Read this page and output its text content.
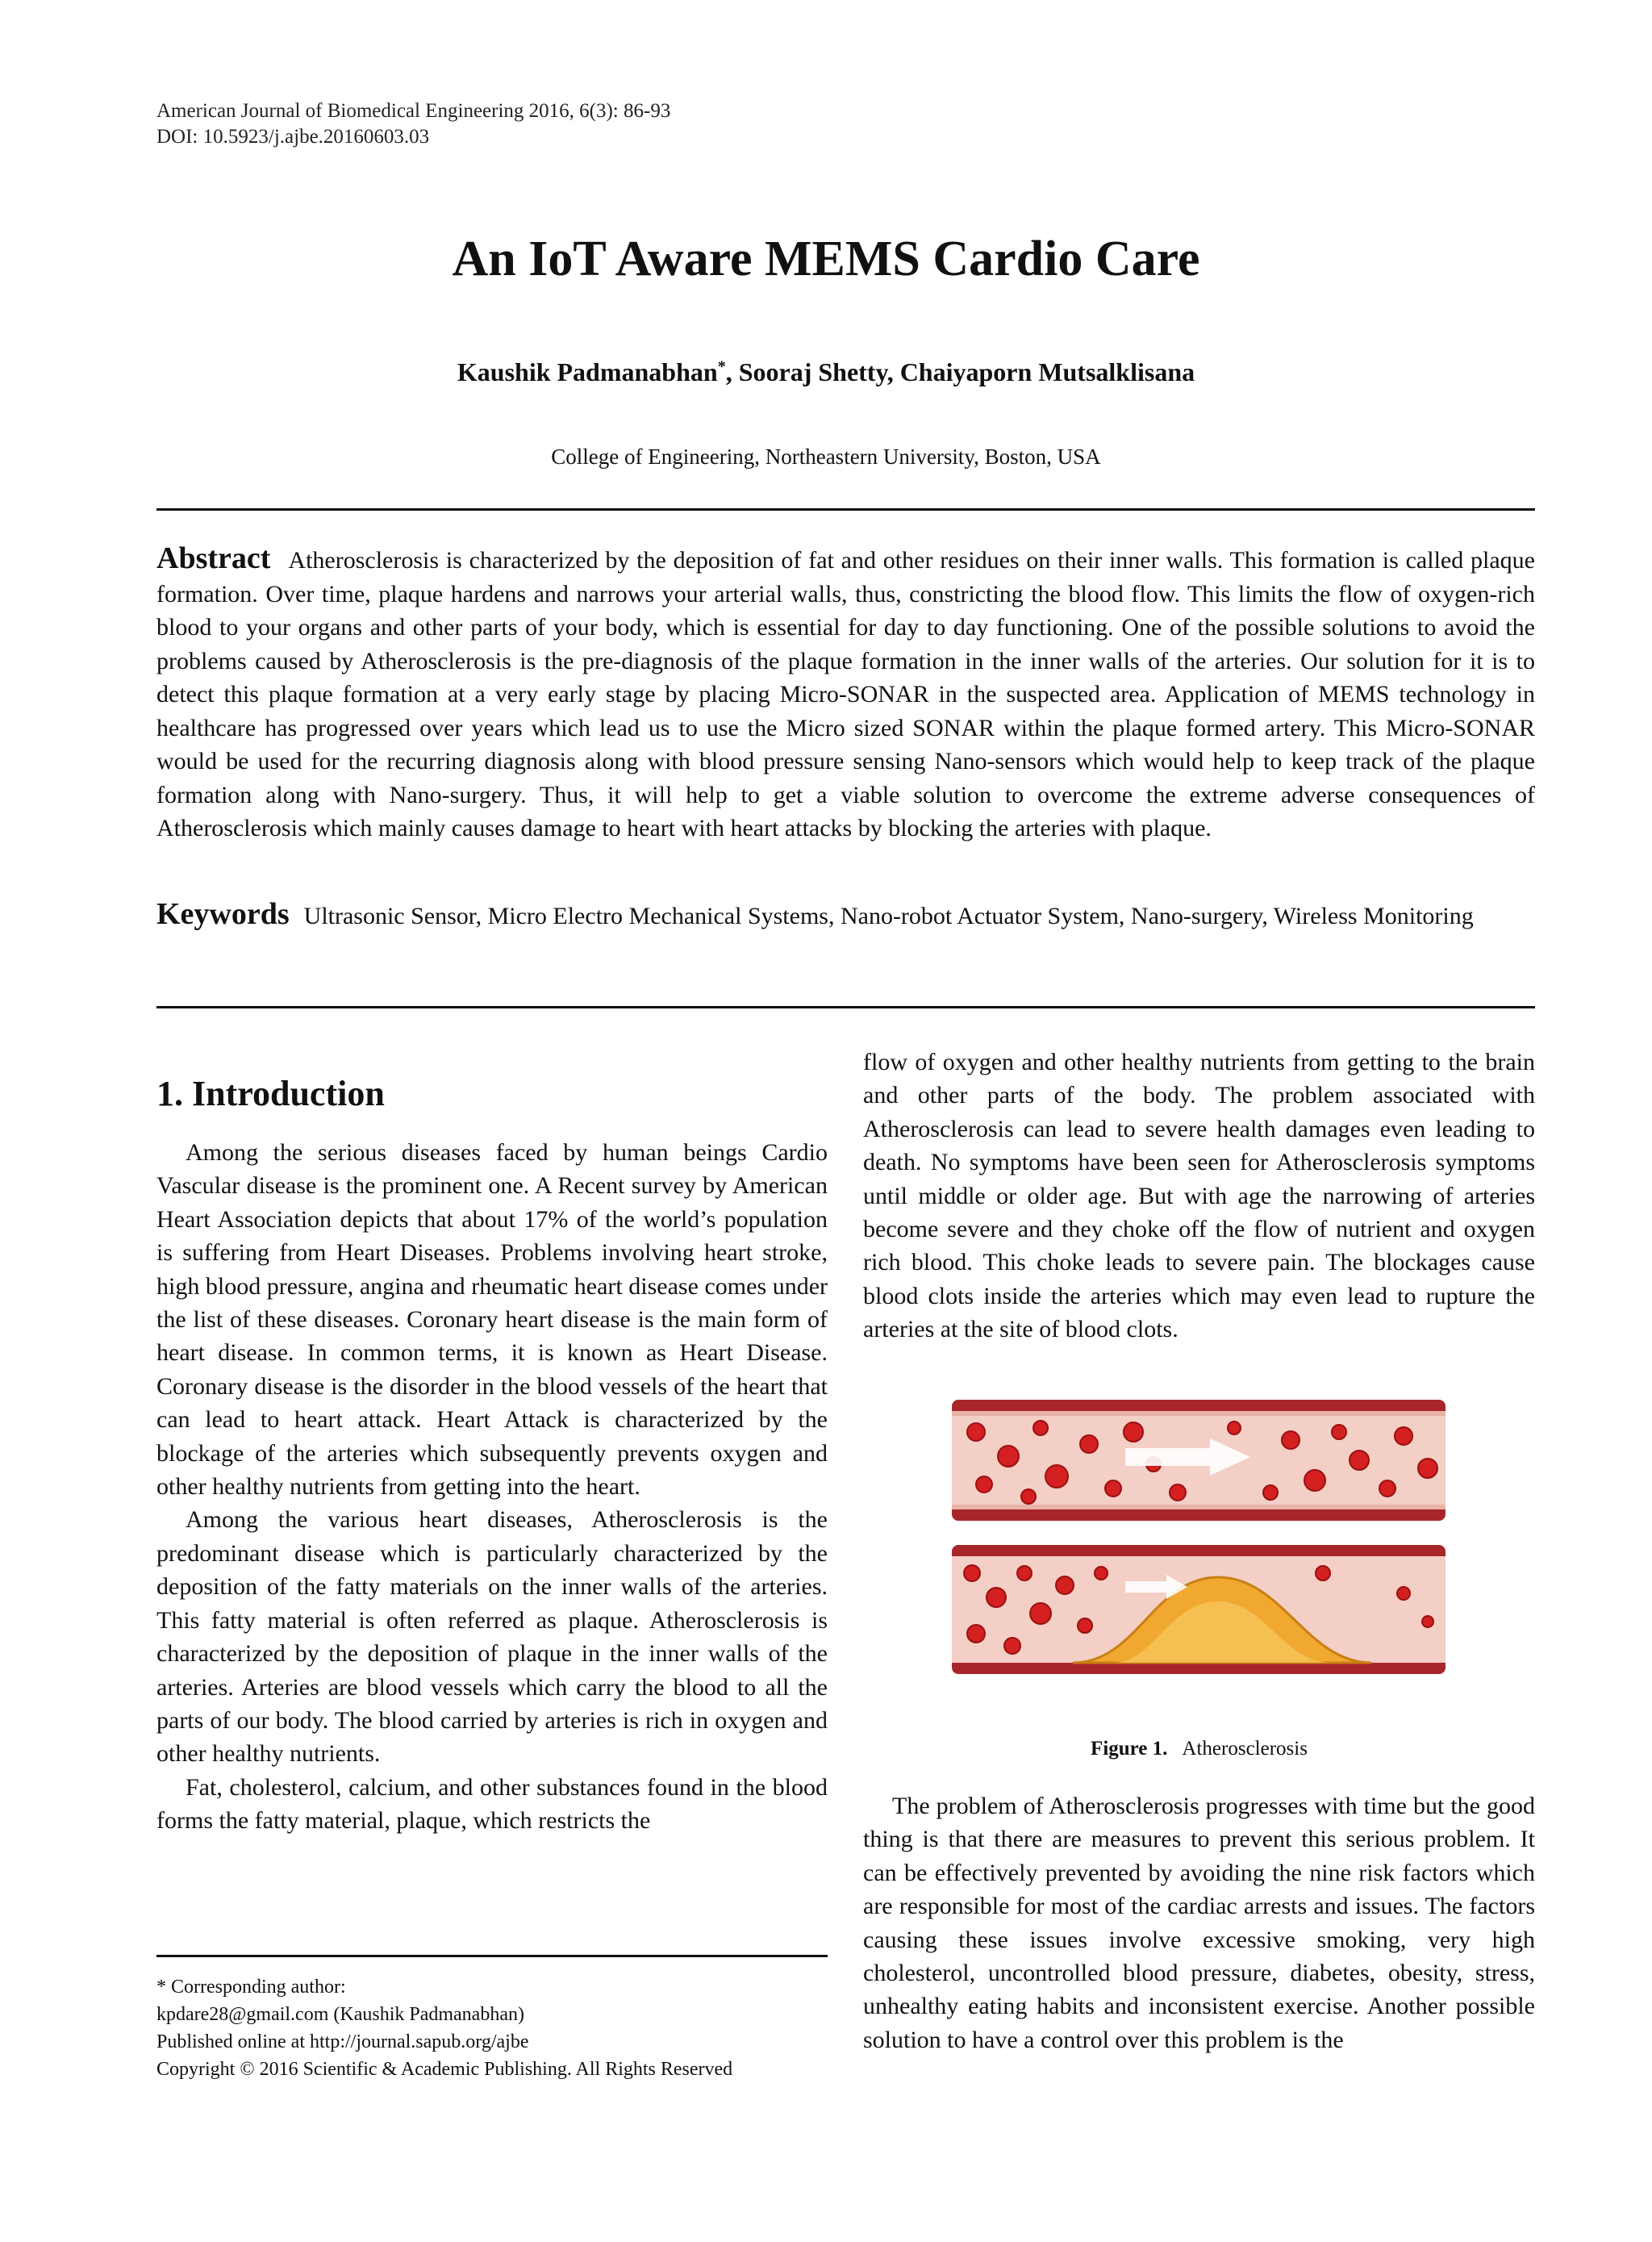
American Journal of Biomedical Engineering 2016, 6(3): 86-93
DOI: 10.5923/j.ajbe.20160603.03
An IoT Aware MEMS Cardio Care
Kaushik Padmanabhan*, Sooraj Shetty, Chaiyaporn Mutsalklisana
College of Engineering, Northeastern University, Boston, USA
Abstract Atherosclerosis is characterized by the deposition of fat and other residues on their inner walls. This formation is called plaque formation. Over time, plaque hardens and narrows your arterial walls, thus, constricting the blood flow. This limits the flow of oxygen-rich blood to your organs and other parts of your body, which is essential for day to day functioning. One of the possible solutions to avoid the problems caused by Atherosclerosis is the pre-diagnosis of the plaque formation in the inner walls of the arteries. Our solution for it is to detect this plaque formation at a very early stage by placing Micro-SONAR in the suspected area. Application of MEMS technology in healthcare has progressed over years which lead us to use the Micro sized SONAR within the plaque formed artery. This Micro-SONAR would be used for the recurring diagnosis along with blood pressure sensing Nano-sensors which would help to keep track of the plaque formation along with Nano-surgery. Thus, it will help to get a viable solution to overcome the extreme adverse consequences of Atherosclerosis which mainly causes damage to heart with heart attacks by blocking the arteries with plaque.
Keywords Ultrasonic Sensor, Micro Electro Mechanical Systems, Nano-robot Actuator System, Nano-surgery, Wireless Monitoring
1. Introduction

Among the serious diseases faced by human beings Cardio Vascular disease is the prominent one. A Recent survey by American Heart Association depicts that about 17% of the world’s population is suffering from Heart Diseases. Problems involving heart stroke, high blood pressure, angina and rheumatic heart disease comes under the list of these diseases. Coronary heart disease is the main form of heart disease. In common terms, it is known as Heart Disease. Coronary disease is the disorder in the blood vessels of the heart that can lead to heart attack. Heart Attack is characterized by the blockage of the arteries which subsequently prevents oxygen and other healthy nutrients from getting into the heart.

Among the various heart diseases, Atherosclerosis is the predominant disease which is particularly characterized by the deposition of the fatty materials on the inner walls of the arteries. This fatty material is often referred as plaque. Atherosclerosis is characterized by the deposition of plaque in the inner walls of the arteries. Arteries are blood vessels which carry the blood to all the parts of our body. The blood carried by arteries is rich in oxygen and other healthy nutrients.

Fat, cholesterol, calcium, and other substances found in the blood forms the fatty material, plaque, which restricts the

* Corresponding author:
kpdare28@gmail.com (Kaushik Padmanabhan)
Published online at http://journal.sapub.org/ajbe
Copyright © 2016 Scientific & Academic Publishing. All Rights Reserved

flow of oxygen and other healthy nutrients from getting to the brain and other parts of the body. The problem associated with Atherosclerosis can lead to severe health damages even leading to death. No symptoms have been seen for Atherosclerosis symptoms until middle or older age. But with age the narrowing of arteries become severe and they choke off the flow of nutrient and oxygen rich blood. This choke leads to severe pain. The blockages cause blood clots inside the arteries which may even lead to rupture the arteries at the site of blood clots.

Figure 1. Atherosclerosis

The problem of Atherosclerosis progresses with time but the good thing is that there are measures to prevent this serious problem. It can be effectively prevented by avoiding the nine risk factors which are responsible for most of the cardiac arrests and issues. The factors causing these issues involve excessive smoking, very high cholesterol, uncontrolled blood pressure, diabetes, obesity, stress, unhealthy eating habits and inconsistent exercise. Another possible solution to have a control over this problem is the
